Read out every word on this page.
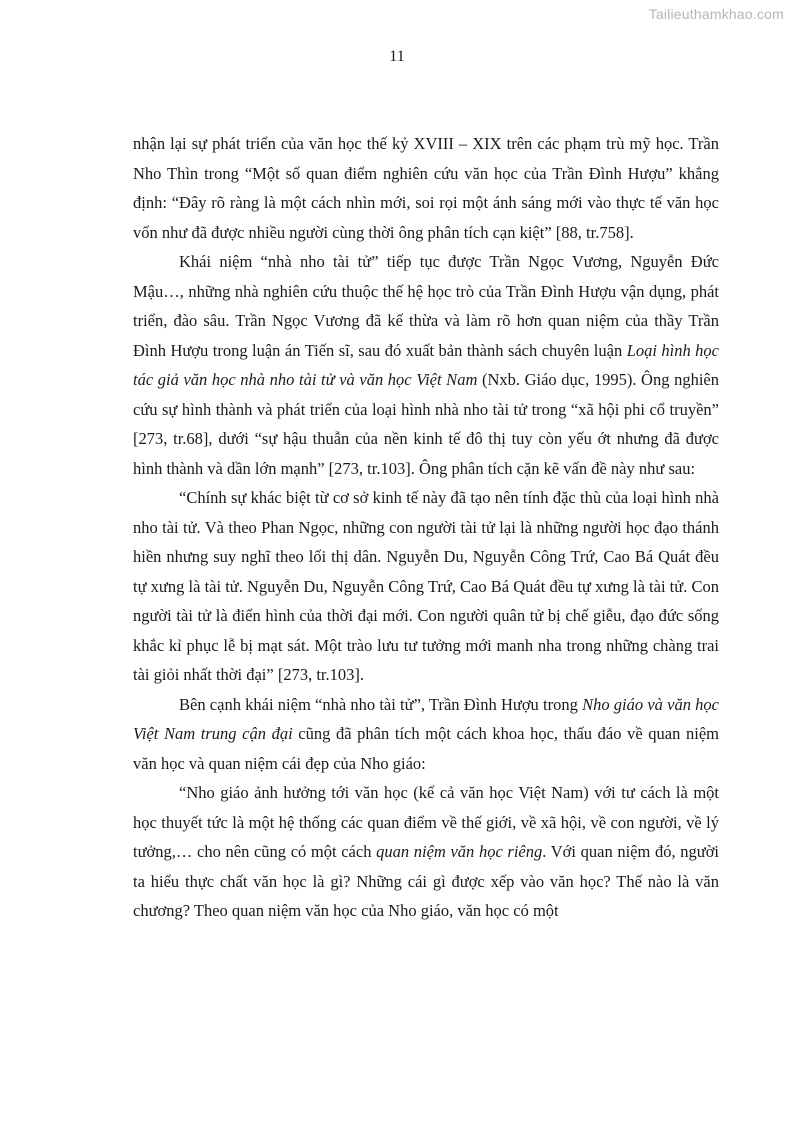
Tailieuthamkhao.com
11

nhận lại sự phát triển của văn học thế kỷ XVIII – XIX trên các phạm trù mỹ học. Trần Nho Thìn trong “Một số quan điểm nghiên cứu văn học của Trần Đình Hượu” khẳng định: “Đây rõ ràng là một cách nhìn mới, soi rọi một ánh sáng mới vào thực tế văn học vốn như đã được nhiều người cùng thời ông phân tích cạn kiệt” [88, tr.758].

Khái niệm “nhà nho tài tử” tiếp tục được Trần Ngọc Vương, Nguyễn Đức Mậu…, những nhà nghiên cứu thuộc thế hệ học trò của Trần Đình Hượu vận dụng, phát triển, đào sâu. Trần Ngọc Vương đã kế thừa và làm rõ hơn quan niệm của thầy Trần Đình Hượu trong luận án Tiến sĩ, sau đó xuất bản thành sách chuyên luận Loại hình học tác giả văn học nhà nho tài tử và văn học Việt Nam (Nxb. Giáo dục, 1995). Ông nghiên cứu sự hình thành và phát triển của loại hình nhà nho tài tử trong “xã hội phi cổ truyền” [273, tr.68], dưới “sự hậu thuẫn của nền kinh tế đô thị tuy còn yếu ớt nhưng đã được hình thành và dần lớn mạnh” [273, tr.103]. Ông phân tích cặn kẽ vấn đề này như sau:

“Chính sự khác biệt từ cơ sở kinh tế này đã tạo nên tính đặc thù của loại hình nhà nho tài tử. Và theo Phan Ngọc, những con người tài tử lại là những người học đạo thánh hiền nhưng suy nghĩ theo lối thị dân. Nguyễn Du, Nguyễn Công Trứ, Cao Bá Quát đều tự xưng là tài tử. Nguyễn Du, Nguyễn Công Trứ, Cao Bá Quát đều tự xưng là tài tử. Con người tài tử là điển hình của thời đại mới. Con người quân tử bị chế giễu, đạo đức sống khắc kỉ phục lễ bị mạt sát. Một trào lưu tư tưởng mới manh nha trong những chàng trai tài giỏi nhất thời đại” [273, tr.103].

Bên cạnh khái niệm “nhà nho tài tử”, Trần Đình Hượu trong Nho giáo và văn học Việt Nam trung cận đại cũng đã phân tích một cách khoa học, thấu đáo về quan niệm văn học và quan niệm cái đẹp của Nho giáo:

“Nho giáo ảnh hưởng tới văn học (kể cả văn học Việt Nam) với tư cách là một học thuyết tức là một hệ thống các quan điểm về thế giới, về xã hội, về con người, về lý tưởng,… cho nên cũng có một cách quan niệm văn học riêng. Với quan niệm đó, người ta hiểu thực chất văn học là gì? Những cái gì được xếp vào văn học? Thế nào là văn chương? Theo quan niệm văn học của Nho giáo, văn học có một
